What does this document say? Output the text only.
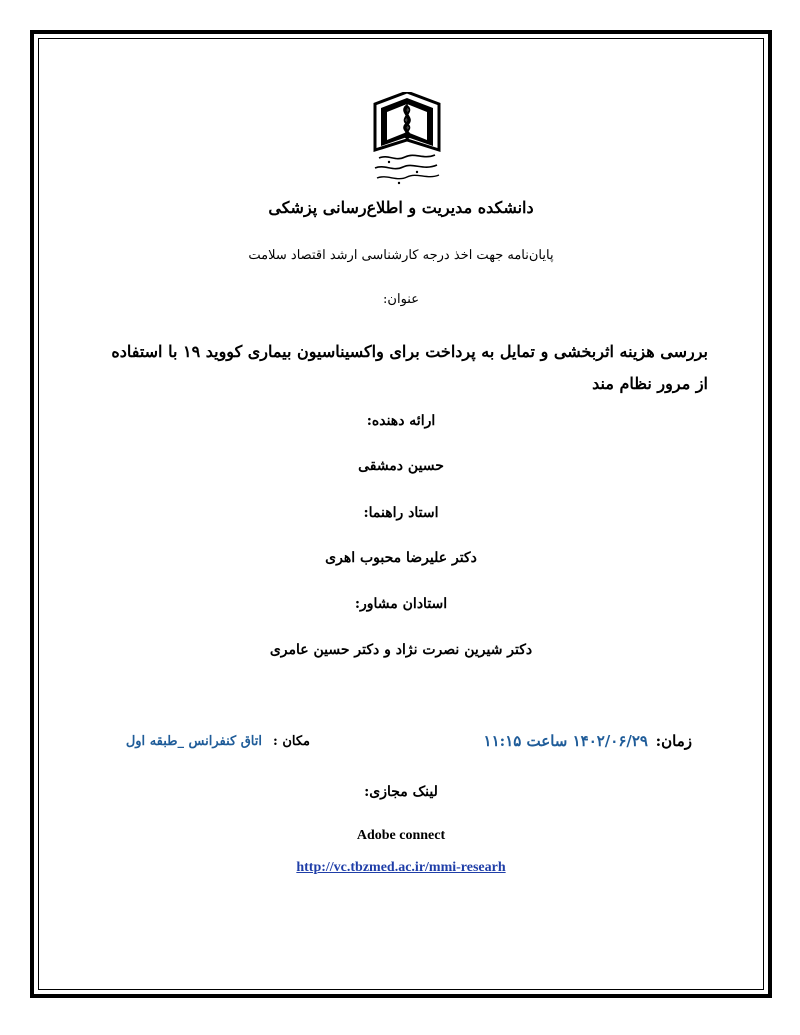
دانشکده مدیریت و اطلاع‌رسانی پزشکی
پایان‌نامه جهت اخذ درجه کارشناسی ارشد اقتصاد سلامت
عنوان:
بررسی هزینه اثربخشی و تمایل به پرداخت برای واکسیناسیون بیماری کووید ۱۹ با استفاده از مرور نظام مند
ارائه دهنده:
حسین دمشقی
استاد راهنما:
دکتر علیرضا محبوب اهری
استادان مشاور:
دکتر شیرین نصرت نژاد و دکتر حسین عامری
زمان:
۱۴۰۲/۰۶/۲۹ ساعت ۱۱:۱۵
مکان :
اتاق کنفرانس _طبقه اول
لینک مجازی:
Adobe connect
http://vc.tbzmed.ac.ir/mmi-researh
